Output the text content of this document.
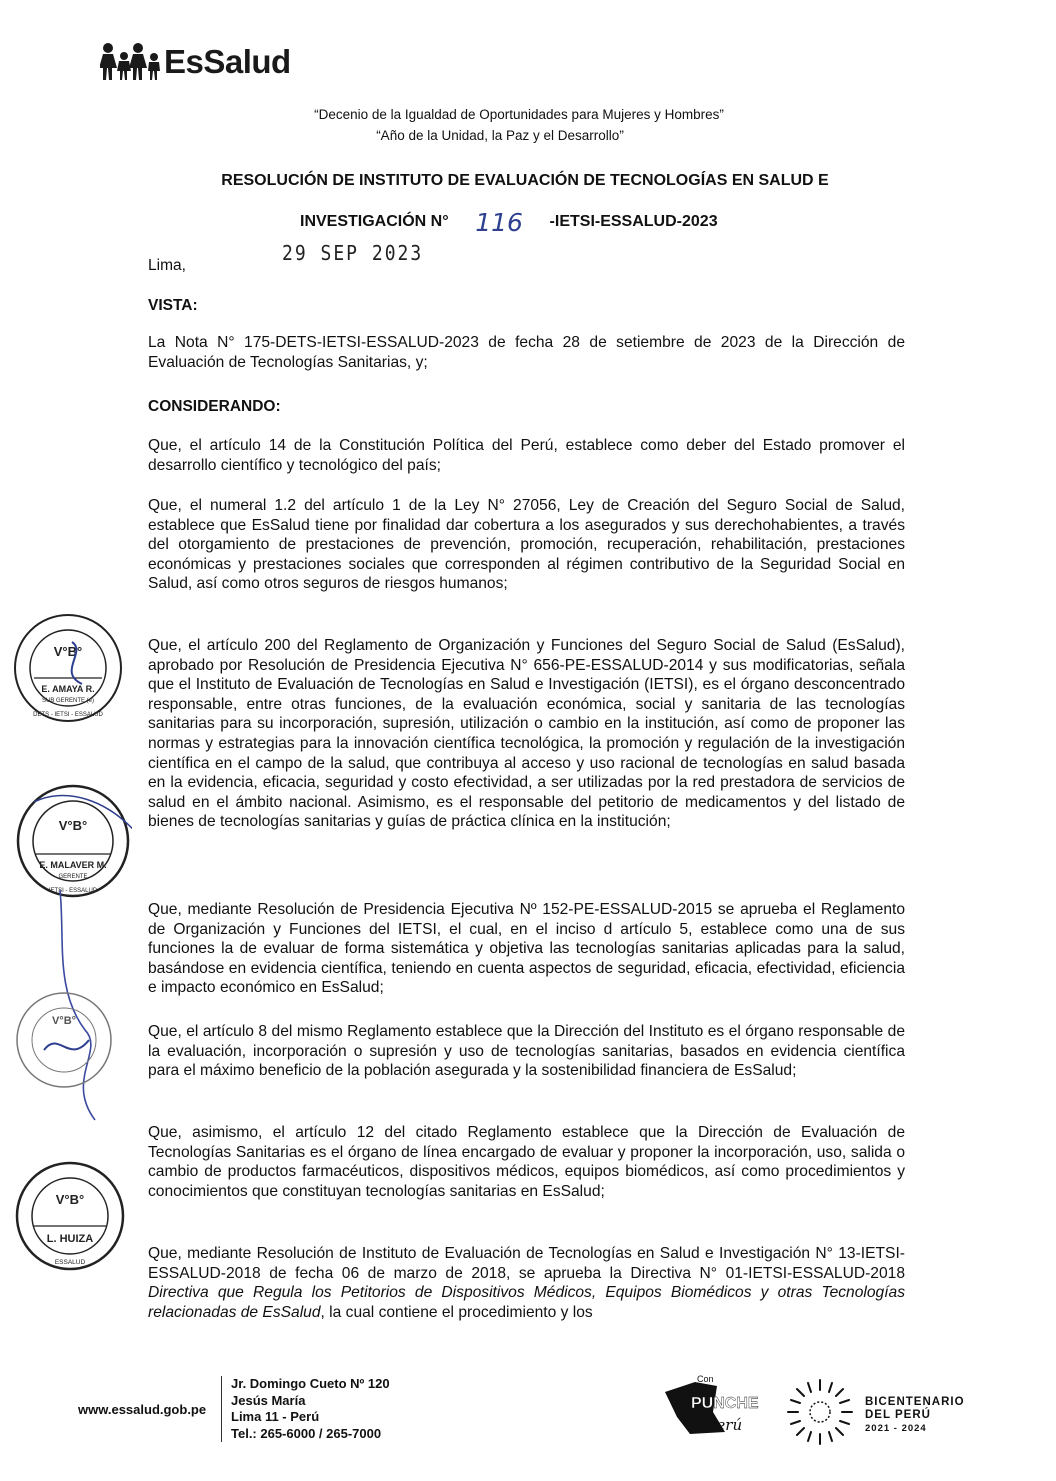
EsSalud
“Decenio de la Igualdad de Oportunidades para Mujeres y Hombres”
“Año de la Unidad, la Paz y el Desarrollo”
RESOLUCIÓN DE INSTITUTO DE EVALUACIÓN DE TECNOLOGÍAS EN SALUD E
INVESTIGACIÓN N° 116 -IETSI-ESSALUD-2023
29 SEP 2023
Lima,
VISTA:
La Nota N° 175-DETS-IETSI-ESSALUD-2023 de fecha 28 de setiembre de 2023 de la Dirección de Evaluación de Tecnologías Sanitarias, y;
CONSIDERANDO:
Que, el artículo 14 de la Constitución Política del Perú, establece como deber del Estado promover el desarrollo científico y tecnológico del país;
Que, el numeral 1.2 del artículo 1 de la Ley N° 27056, Ley de Creación del Seguro Social de Salud, establece que EsSalud tiene por finalidad dar cobertura a los asegurados y sus derechohabientes, a través del otorgamiento de prestaciones de prevención, promoción, recuperación, rehabilitación, prestaciones económicas y prestaciones sociales que corresponden al régimen contributivo de la Seguridad Social en Salud, así como otros seguros de riesgos humanos;
Que, el artículo 200 del Reglamento de Organización y Funciones del Seguro Social de Salud (EsSalud), aprobado por Resolución de Presidencia Ejecutiva N° 656-PE-ESSALUD-2014 y sus modificatorias, señala que el Instituto de Evaluación de Tecnologías en Salud e Investigación (IETSI), es el órgano desconcentrado responsable, entre otras funciones, de la evaluación económica, social y sanitaria de las tecnologías sanitarias para su incorporación, supresión, utilización o cambio en la institución, así como de proponer las normas y estrategias para la innovación científica tecnológica, la promoción y regulación de la investigación científica en el campo de la salud, que contribuya al acceso y uso racional de tecnologías en salud basada en la evidencia, eficacia, seguridad y costo efectividad, a ser utilizadas por la red prestadora de servicios de salud en el ámbito nacional. Asimismo, es el responsable del petitorio de medicamentos y del listado de bienes de tecnologías sanitarias y guías de práctica clínica en la institución;
Que, mediante Resolución de Presidencia Ejecutiva Nº 152-PE-ESSALUD-2015 se aprueba el Reglamento de Organización y Funciones del IETSI, el cual, en el inciso d artículo 5, establece como una de sus funciones la de evaluar de forma sistemática y objetiva las tecnologías sanitarias aplicadas para la salud, basándose en evidencia científica, teniendo en cuenta aspectos de seguridad, eficacia, efectividad, eficiencia e impacto económico en EsSalud;
Que, el artículo 8 del mismo Reglamento establece que la Dirección del Instituto es el órgano responsable de la evaluación, incorporación o supresión y uso de tecnologías sanitarias, basados en evidencia científica para el máximo beneficio de la población asegurada y la sostenibilidad financiera de EsSalud;
Que, asimismo, el artículo 12 del citado Reglamento establece que la Dirección de Evaluación de Tecnologías Sanitarias es el órgano de línea encargado de evaluar y proponer la incorporación, uso, salida o cambio de productos farmacéuticos, dispositivos médicos, equipos biomédicos, así como procedimientos y conocimientos que constituyan tecnologías sanitarias en EsSalud;
Que, mediante Resolución de Instituto de Evaluación de Tecnologías en Salud e Investigación N° 13-IETSI-ESSALUD-2018 de fecha 06 de marzo de 2018, se aprueba la Directiva N° 01-IETSI-ESSALUD-2018 Directiva que Regula los Petitorios de Dispositivos Médicos, Equipos Biomédicos y otras Tecnologías relacionadas de EsSalud, la cual contiene el procedimiento y los
V°B°
E. AMAYA R.
SUB GERENTE (e)
DETS - IETSI - ESSALUD
V°B°
E. MALAVER M.
GERENTE
IETSI - ESSALUD
V°B°
V°B°
L. HUIZA
ESSALUD
www.essalud.gob.pe
Jr. Domingo Cueto Nº 120
Jesús María
Lima 11 - Perú
Tel.: 265-6000 / 265-7000
Con
PUNCHE
Perú
BICENTENARIO
DEL PERÚ
2021 - 2024
